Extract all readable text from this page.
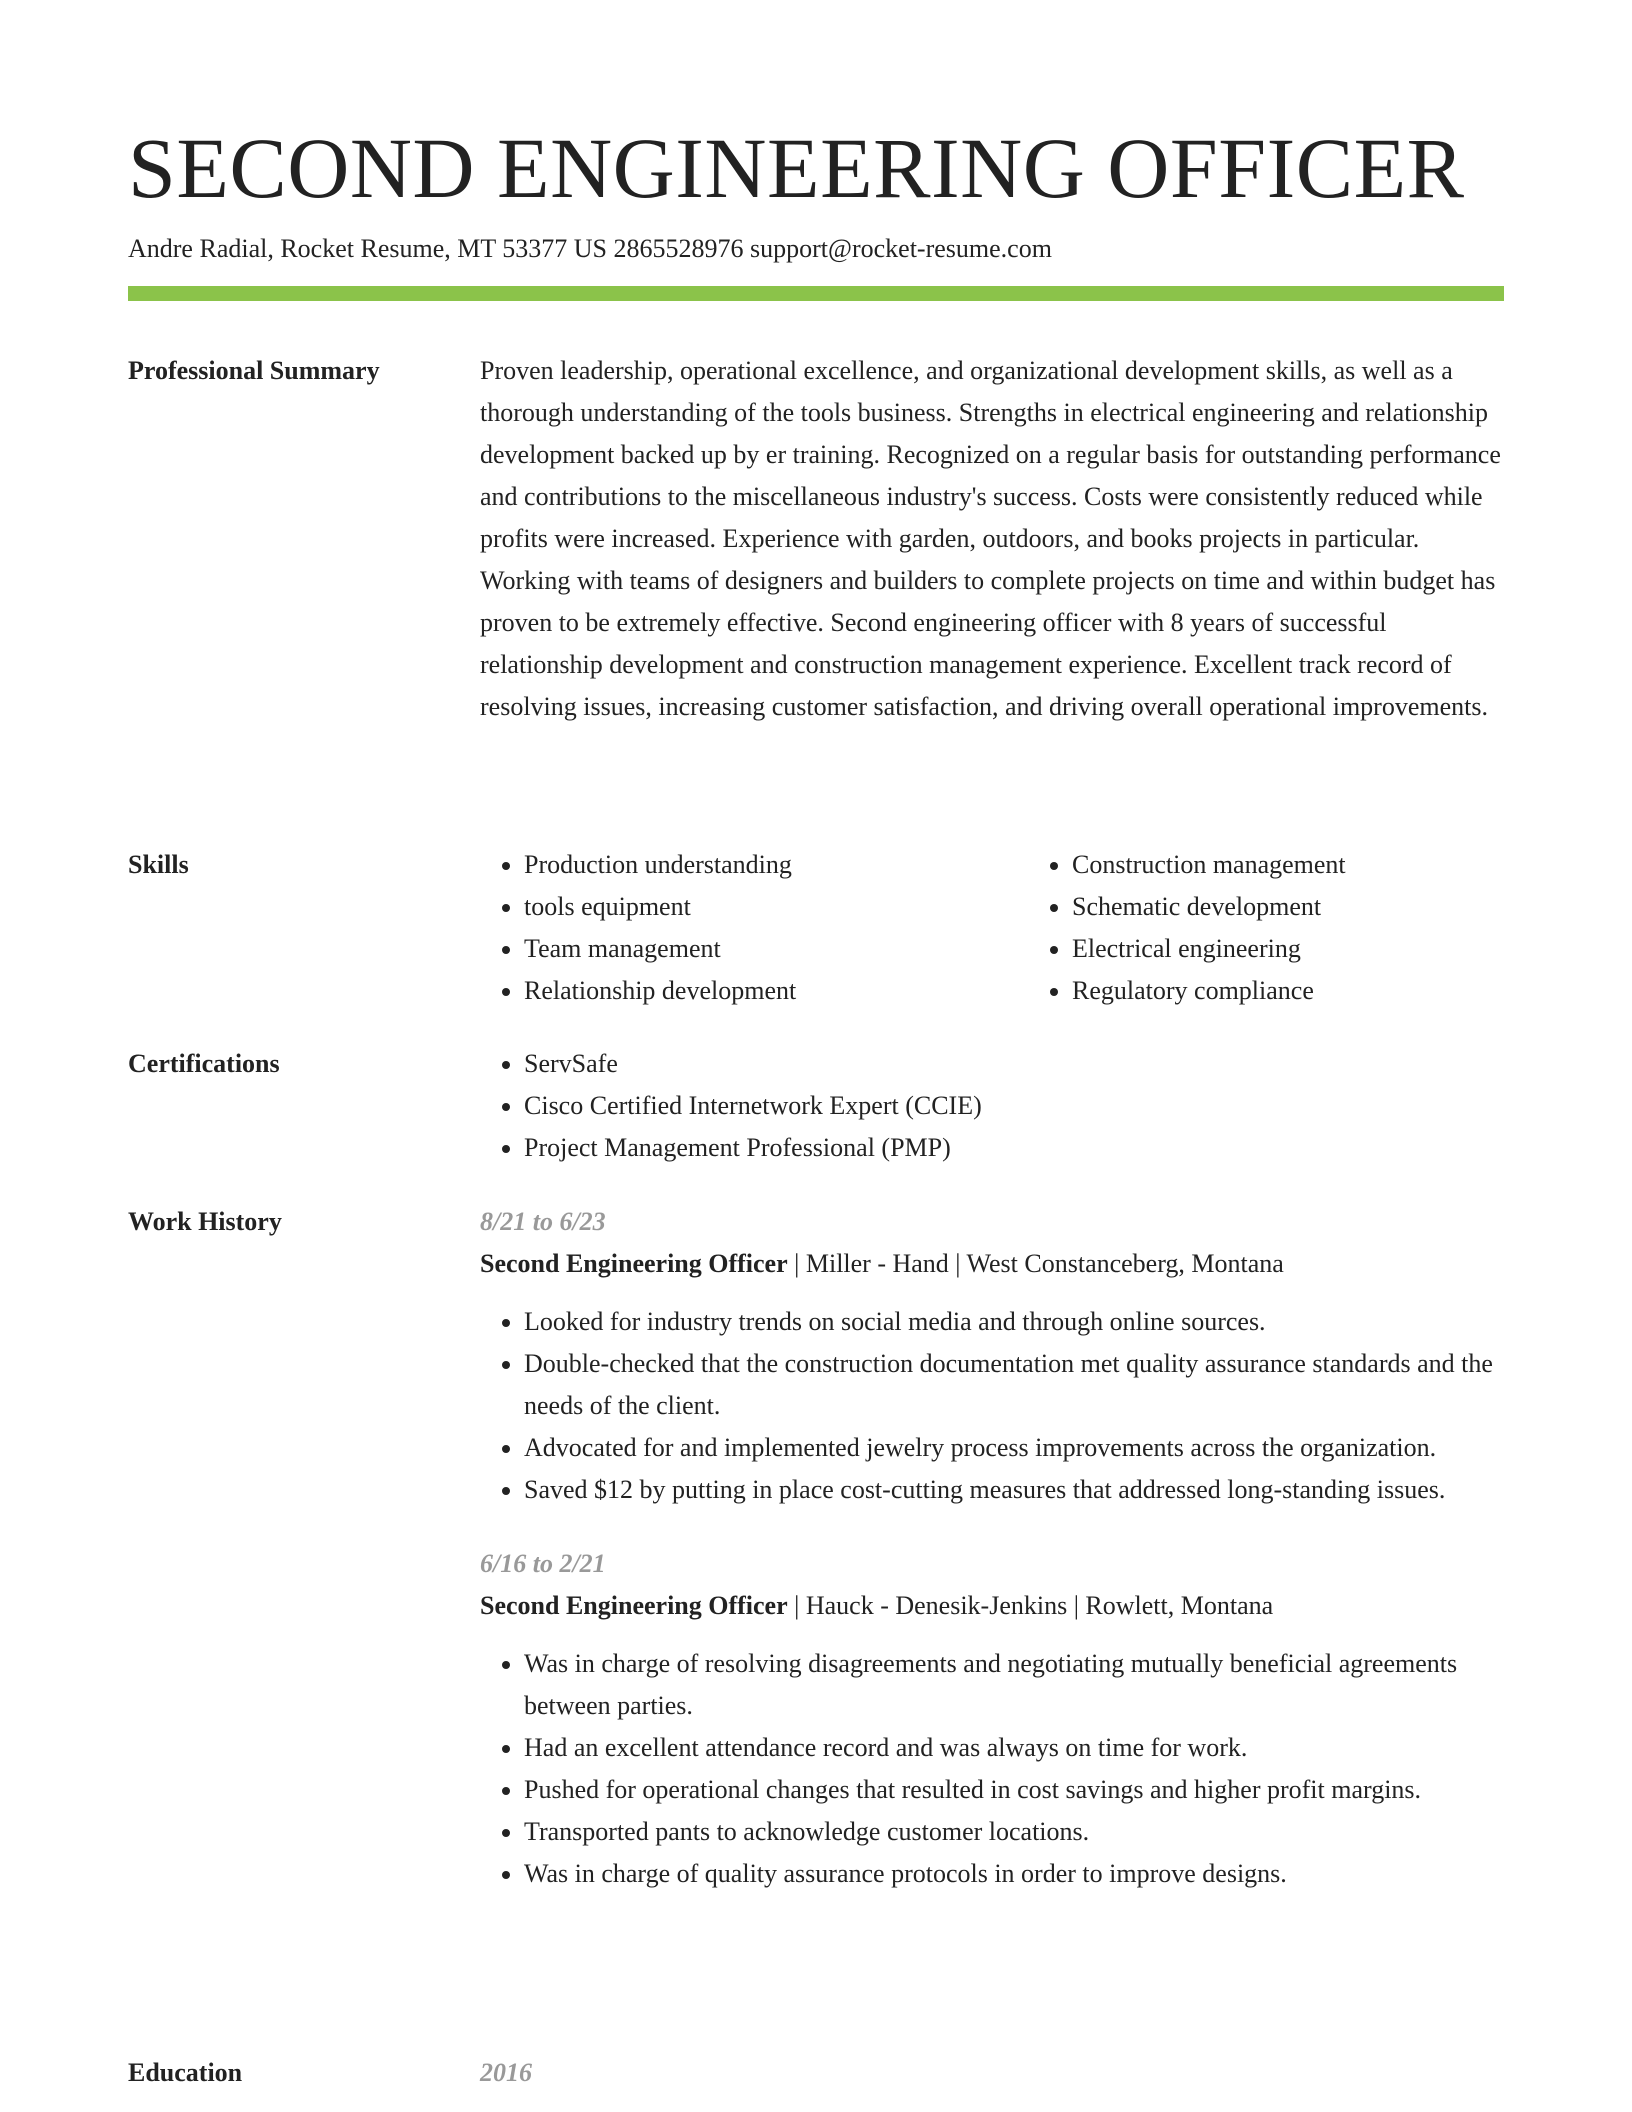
SECOND ENGINEERING OFFICER
Andre Radial, Rocket Resume, MT 53377 US 2865528976 support@rocket-resume.com
Professional Summary	Proven leadership, operational excellence, and organizational development skills, as well as a thorough understanding of the tools business. Strengths in electrical engineering and relationship development backed up by er training. Recognized on a regular basis for outstanding performance and contributions to the miscellaneous industry's success. Costs were consistently reduced while profits were increased. Experience with garden, outdoors, and books projects in particular. Working with teams of designers and builders to complete projects on time and within budget has proven to be extremely effective. Second engineering officer with 8 years of successful relationship development and construction management experience. Excellent track record of resolving issues, increasing customer satisfaction, and driving overall operational improvements.

Skills	• Production understanding
• tools equipment
• Team management
• Relationship development
• Construction management
• Schematic development
• Electrical engineering
• Regulatory compliance
Certifications	• ServSafe
• Cisco Certified Internetwork Expert (CCIE)
• Project Management Professional (PMP)
Work History	8/21 to 6/23

Second Engineering Officer | Miller - Hand | West Constanceberg, Montana

• Looked for industry trends on social media and through online sources.
• Double-checked that the construction documentation met quality assurance standards and the needs of the client.
• Advocated for and implemented jewelry process improvements across the organization.
• Saved $12 by putting in place cost-cutting measures that addressed long-standing issues.

6/16 to 2/21

Second Engineering Officer | Hauck - Denesik-Jenkins | Rowlett, Montana

• Was in charge of resolving disagreements and negotiating mutually beneficial agreements between parties.
• Had an excellent attendance record and was always on time for work.
• Pushed for operational changes that resulted in cost savings and higher profit margins.
• Transported pants to acknowledge customer locations.
• Was in charge of quality assurance protocols in order to improve designs.
Education	2016
